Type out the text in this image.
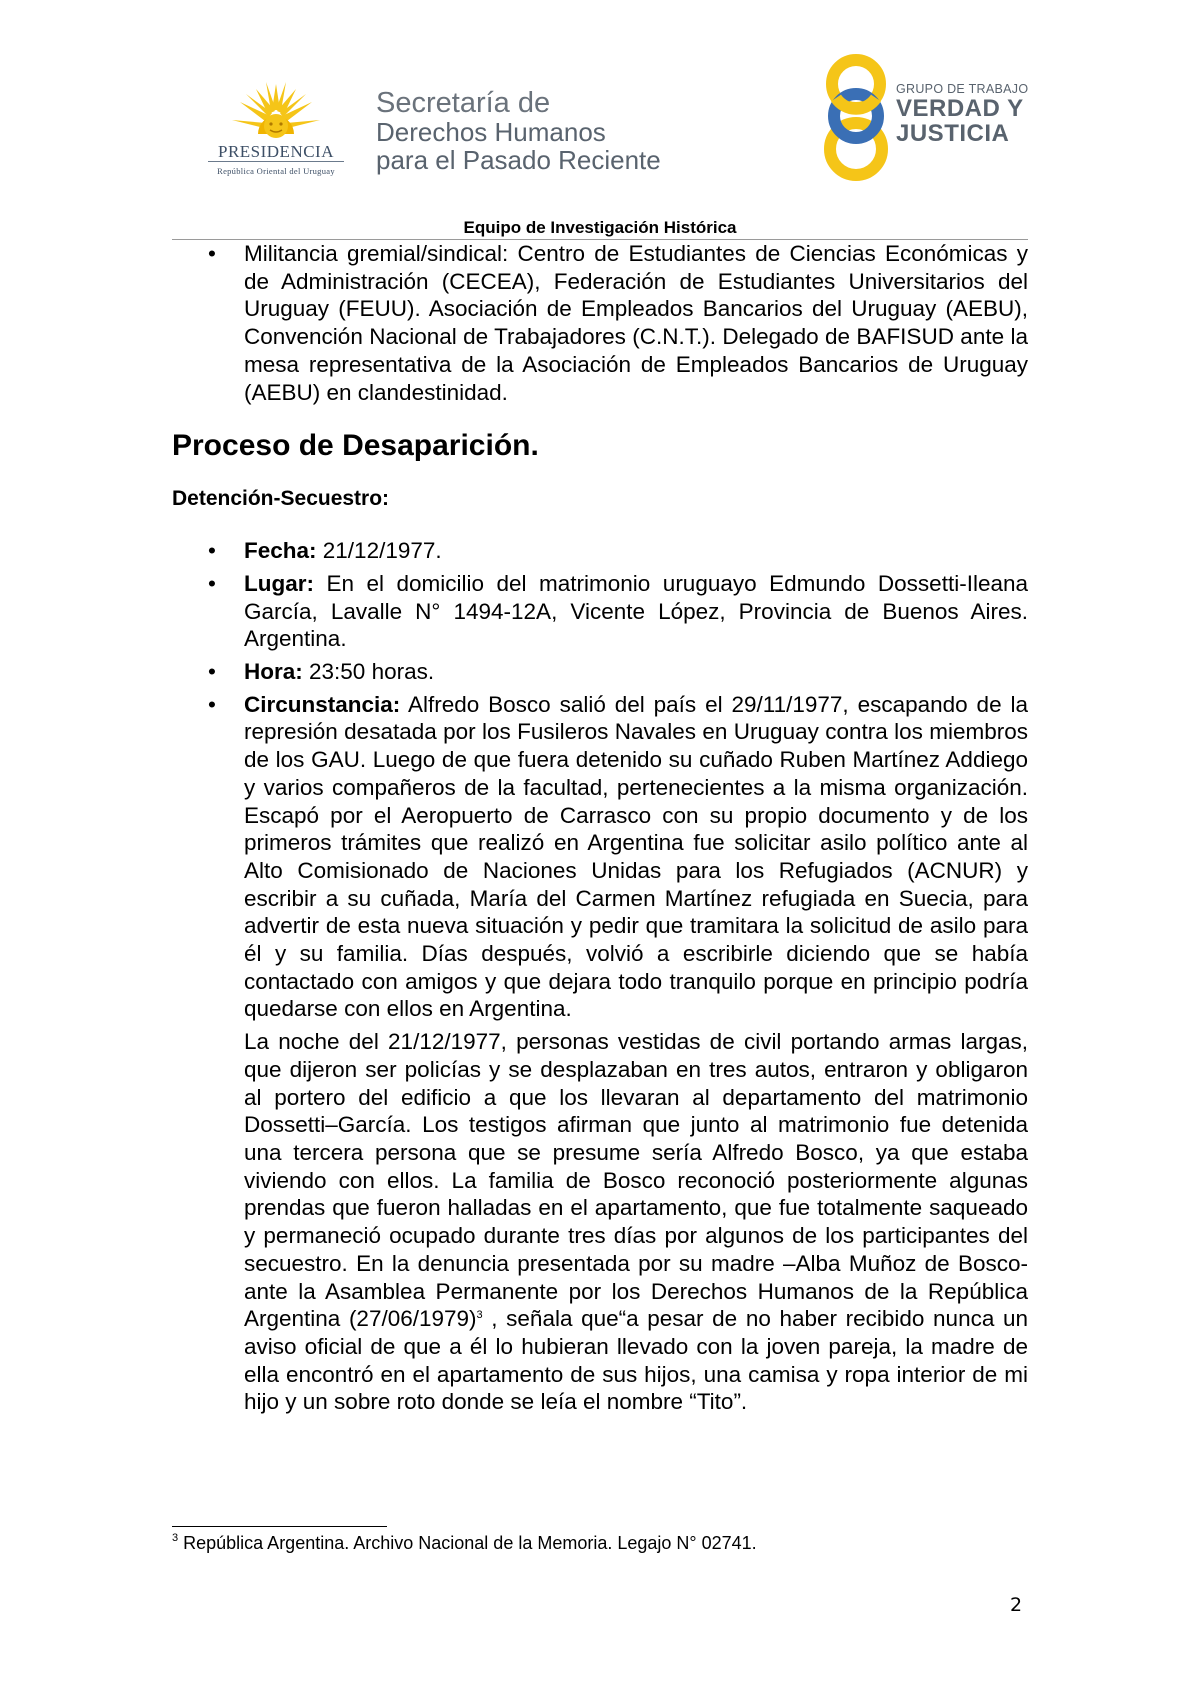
PRESIDENCIA
República Oriental del Uruguay
Secretaría de
Derechos Humanos
para el Pasado Reciente
GRUPO DE TRABAJO
VERDAD Y
JUSTICIA
Equipo de Investigación Histórica
• Militancia gremial/sindical: Centro de Estudiantes de Ciencias Económicas y de Administración (CECEA), Federación de Estudiantes Universitarios del Uruguay (FEUU). Asociación de Empleados Bancarios del Uruguay (AEBU), Convención Nacional de Trabajadores (C.N.T.). Delegado de BAFISUD ante la mesa representativa de la Asociación de Empleados Bancarios de Uruguay (AEBU) en clandestinidad.
Proceso de Desaparición.
Detención-Secuestro:
• Fecha: 21/12/1977.
• Lugar: En el domicilio del matrimonio uruguayo Edmundo Dossetti-Ileana García, Lavalle N° 1494-12A, Vicente López, Provincia de Buenos Aires. Argentina.
• Hora: 23:50 horas.
• Circunstancia: Alfredo Bosco salió del país el 29/11/1977, escapando de la represión desatada por los Fusileros Navales en Uruguay contra los miembros de los GAU. Luego de que fuera detenido su cuñado Ruben Martínez Addiego y varios compañeros de la facultad, pertenecientes a la misma organización. Escapó por el Aeropuerto de Carrasco con su propio documento y de los primeros trámites que realizó en Argentina fue solicitar asilo político ante al Alto Comisionado de Naciones Unidas para los Refugiados (ACNUR) y escribir a su cuñada, María del Carmen Martínez refugiada en Suecia, para advertir de esta nueva situación y pedir que tramitara la solicitud de asilo para él y su familia. Días después, volvió a escribirle diciendo que se había contactado con amigos y que dejara todo tranquilo porque en principio podría quedarse con ellos en Argentina.
La noche del 21/12/1977, personas vestidas de civil portando armas largas, que dijeron ser policías y se desplazaban en tres autos, entraron y obligaron al portero del edificio a que los llevaran al departamento del matrimonio Dossetti–García. Los testigos afirman que junto al matrimonio fue detenida una tercera persona que se presume sería Alfredo Bosco, ya que estaba viviendo con ellos. La familia de Bosco reconoció posteriormente algunas prendas que fueron halladas en el apartamento, que fue totalmente saqueado y permaneció ocupado durante tres días por algunos de los participantes del secuestro. En la denuncia presentada por su madre –Alba Muñoz de Bosco- ante la Asamblea Permanente por los Derechos Humanos de la República Argentina $(27/06/1979)^3$ , señala que“a pesar de no haber recibido nunca un aviso oficial de que a él lo hubieran llevado con la joven pareja, la madre de ella encontró en el apartamento de sus hijos, una camisa y ropa interior de mi hijo y un sobre roto donde se leía el nombre “Tito”.
$^3$ República Argentina. Archivo Nacional de la Memoria. Legajo N° 02741.
2
